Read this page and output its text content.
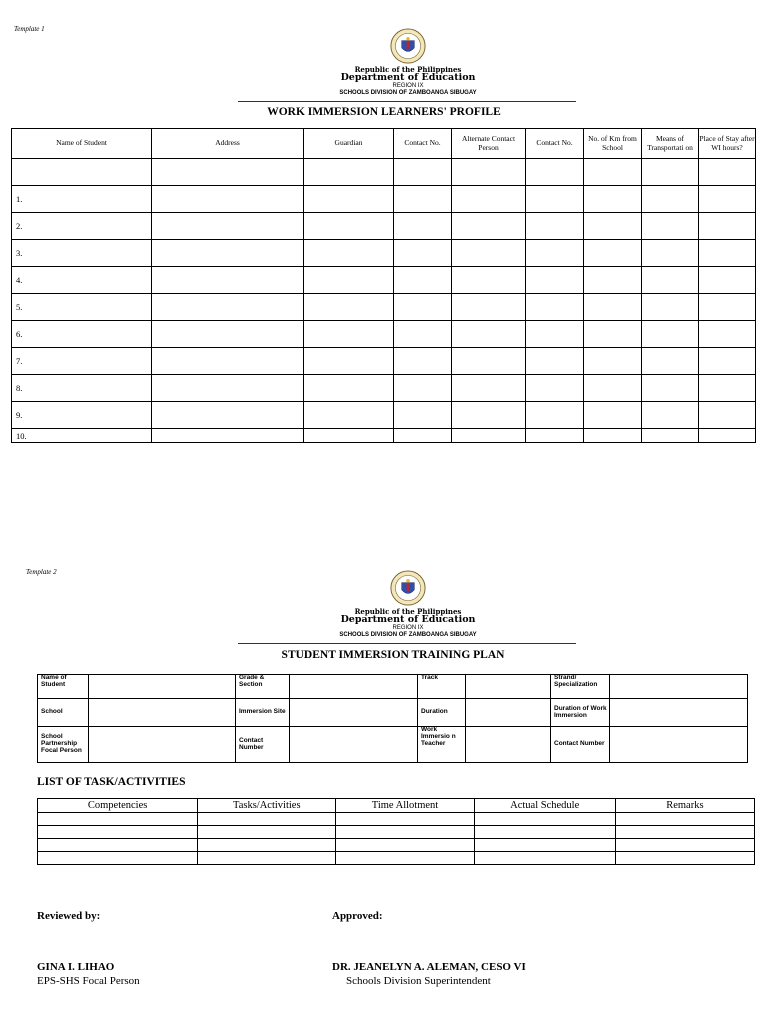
Template 1
Republic of the Philippines
Department of Education
REGION IX
SCHOOLS DIVISION OF ZAMBOANGA SIBUGAY
WORK IMMERSION LEARNERS' PROFILE
Name of Student	Address	Guardian	Contact No.	Alternate Contact Person	Contact No.	No. of Km from School	Means of Transportati on	Place of Stay after WI hours?

1.								
2.								
3.								
4.								
5.								
6.								
7.								
8.								
9.								
10.								
Template 2
Republic of the Philippines
Department of Education
REGION IX
SCHOOLS DIVISION OF ZAMBOANGA SIBUGAY
STUDENT IMMERSION TRAINING PLAN
Name of Student		Grade & Section		Track		Strand/ Specialization	
School		Immersion Site		Duration		Duration of Work Immersion	
School Partnership Focal Person		Contact Number		Work Immersio n Teacher		Contact Number	
LIST OF TASK/ACTIVITIES
Competencies	Tasks/Activities	Time Allotment	Actual Schedule	Remarks

Reviewed by:	Approved:
GINA I. LIHAO
EPS-SHS Focal Person
DR. JEANELYN A. ALEMAN, CESO VI
Schools Division Superintendent
